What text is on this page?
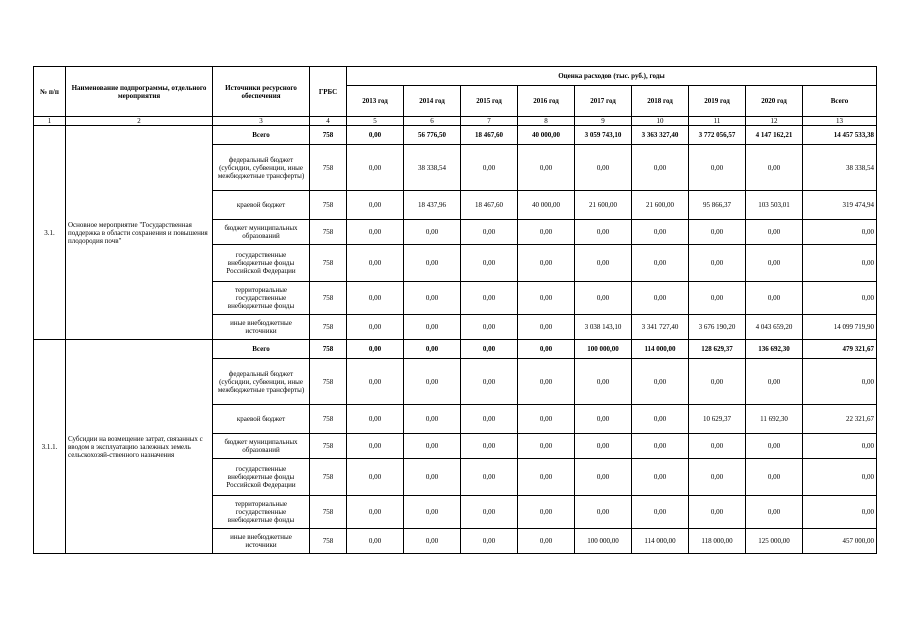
№ п/п	Наименование подпрограммы, отдельного мероприятия	Источники ресурсного обеспечения	ГРБС	Оценка расходов (тыс. руб.), годы								
				2013 год	2014 год	2015 год	2016 год	2017 год	2018 год	2019 год	2020 год	Всего
1	2	3	4	5	6	7	8	9	10	11	12	13
3.1.	Основное мероприятие "Государственная поддержка в области сохранения и повышения плодородия почв"	Всего	758	0,00	56 776,50	18 467,60	40 000,00	3 059 743,10	3 363 327,40	3 772 056,57	4 147 162,21	14 457 533,38
		федеральный бюджет (субсидии, субвенции, иные межбюджетные трансферты)	758	0,00	38 338,54	0,00	0,00	0,00	0,00	0,00	0,00	38 338,54
		краевой бюджет	758	0,00	18 437,96	18 467,60	40 000,00	21 600,00	21 600,00	95 866,37	103 503,01	319 474,94
		бюджет муниципальных образований	758	0,00	0,00	0,00	0,00	0,00	0,00	0,00	0,00	0,00
		государственные внебюджетные фонды Российской Федерации	758	0,00	0,00	0,00	0,00	0,00	0,00	0,00	0,00	0,00
		территориальные государственные внебюджетные фонды	758	0,00	0,00	0,00	0,00	0,00	0,00	0,00	0,00	0,00
		иные внебюджетные источники	758	0,00	0,00	0,00	0,00	3 038 143,10	3 341 727,40	3 676 190,20	4 043 659,20	14 099 719,90
3.1.1.	Субсидии на возмещение затрат, связанных с вводом в эксплуатацию залежных земель сельскохозяй-ственного назначения	Всего	758	0,00	0,00	0,00	0,00	100 000,00	114 000,00	128 629,37	136 692,30	479 321,67
		федеральный бюджет (субсидии, субвенции, иные межбюджетные трансферты)	758	0,00	0,00	0,00	0,00	0,00	0,00	0,00	0,00	0,00
		краевой бюджет	758	0,00	0,00	0,00	0,00	0,00	0,00	10 629,37	11 692,30	22 321,67
		бюджет муниципальных образований	758	0,00	0,00	0,00	0,00	0,00	0,00	0,00	0,00	0,00
		государственные внебюджетные фонды Российской Федерации	758	0,00	0,00	0,00	0,00	0,00	0,00	0,00	0,00	0,00
		территориальные государственные внебюджетные фонды	758	0,00	0,00	0,00	0,00	0,00	0,00	0,00	0,00	0,00
		иные внебюджетные источники	758	0,00	0,00	0,00	0,00	100 000,00	114 000,00	118 000,00	125 000,00	457 000,00
